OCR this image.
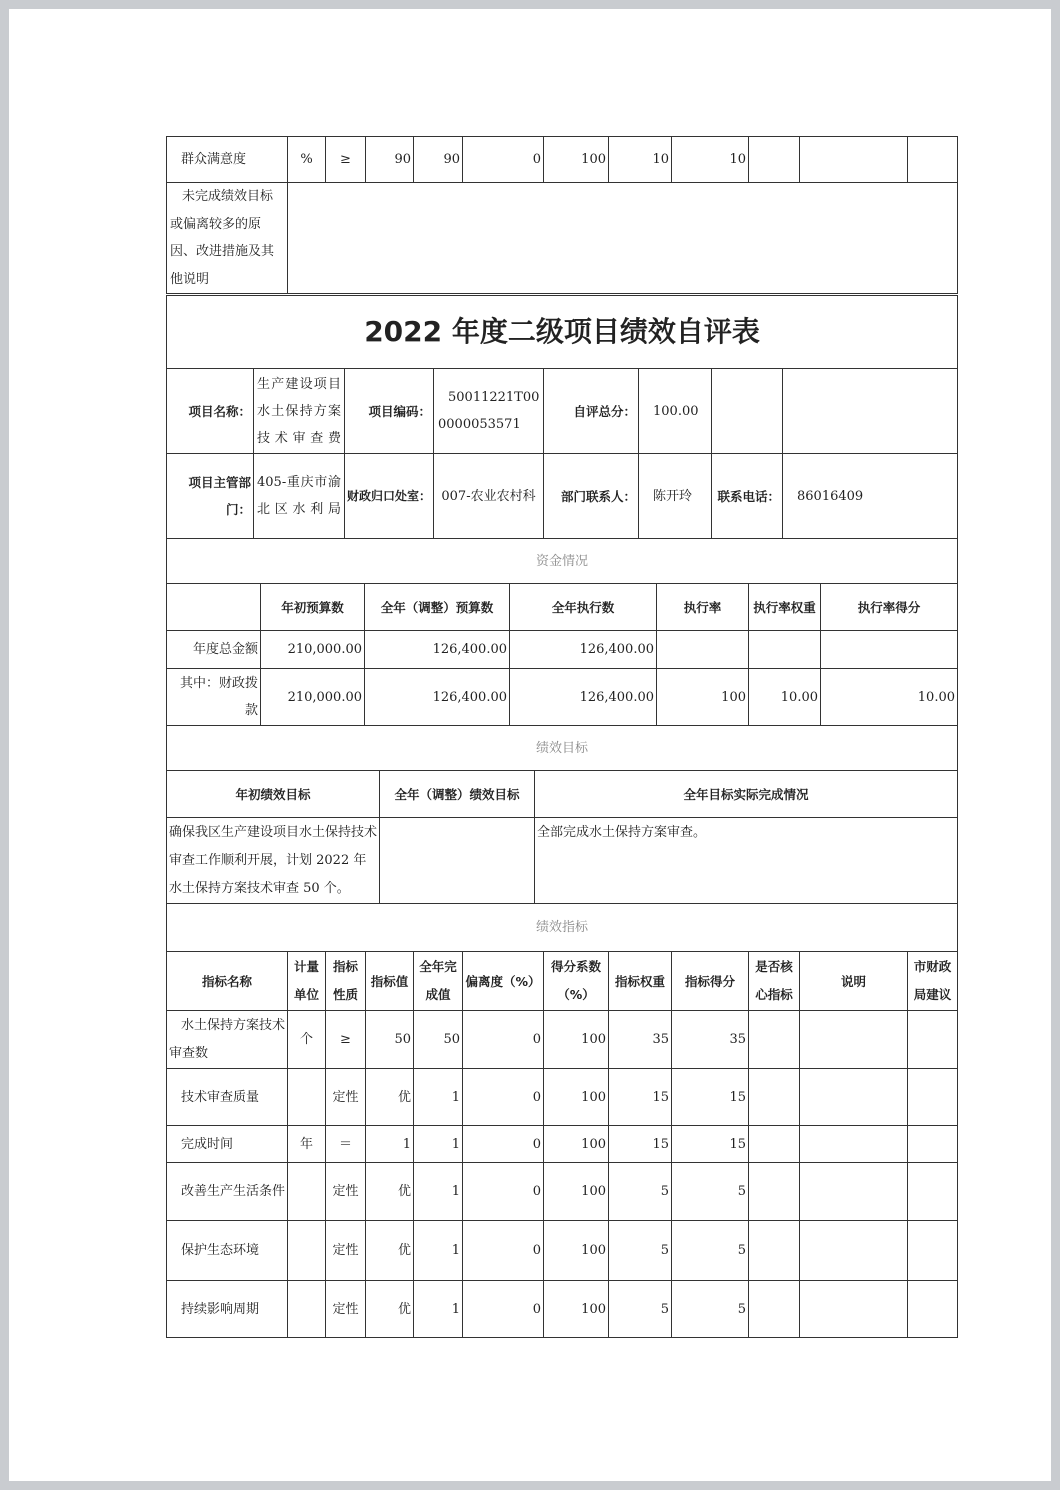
群众满意度	%	≥	90	90	0	100	10	10			
未完成绩效目标或偏离较多的原因、改进措施及其他说明											
2022 年度二级项目绩效自评表							
项目名称：	生产建设项目水土保持方案技术审查费	项目编码：	50011221T000000053571	自评总分：	100.00		
项目主管部门：	405-重庆市渝北区水利局	财政归口处室：	007-农业农村科	部门联系人：	陈开玲	联系电话：	86016409
资金情况							
	年初预算数	全年（调整）预算数	全年执行数	执行率	执行率权重	执行率得分
年度总金额	210,000.00	126,400.00	126,400.00			
其中：财政拨款	210,000.00	126,400.00	126,400.00	100	10.00	10.00
绩效目标						
年初绩效目标	全年（调整）绩效目标	全年目标实际完成情况
确保我区生产建设项目水土保持技术审查工作顺利开展，计划 2022 年水土保持方案技术审查 50 个。		全部完成水土保持方案审查。
绩效指标		
指标名称	计量单位	指标性质	指标值	全年完成值	偏离度（%）	得分系数（%）	指标权重	指标得分	是否核心指标	说明	市财政局建议
水土保持方案技术审查数	个	≥	50	50	0	100	35	35			
技术审查质量		定性	优	1	0	100	15	15			
完成时间	年	＝	1	1	0	100	15	15			
改善生产生活条件		定性	优	1	0	100	5	5			
保护生态环境		定性	优	1	0	100	5	5			
持续影响周期		定性	优	1	0	100	5	5			
